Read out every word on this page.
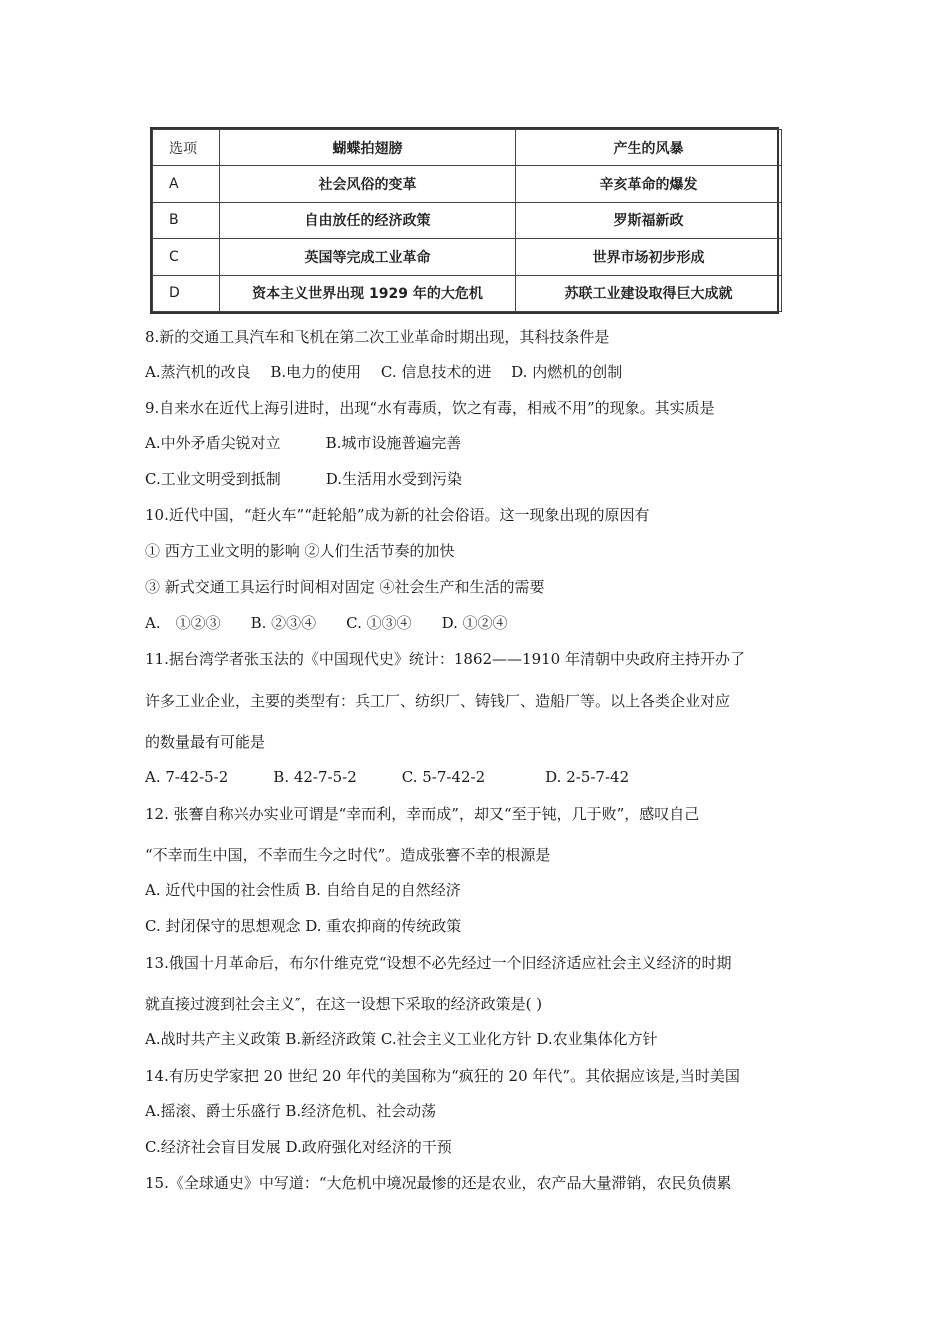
选项	蝴蝶拍翅膀	产生的风暴
A	社会风俗的变革	辛亥革命的爆发
B	自由放任的经济政策	罗斯福新政
C	英国等完成工业革命	世界市场初步形成
D	资本主义世界出现 1929 年的大危机	苏联工业建设取得巨大成就
8.新的交通工具汽车和飞机在第二次工业革命时期出现，其科技条件是
A.蒸汽机的改良　 B.电力的使用　 C. 信息技术的进　 D. 内燃机的创制
9.自来水在近代上海引进时，出现“水有毒质，饮之有毒，相戒不用”的现象。其实质是
A.中外矛盾尖锐对立　　　B.城市设施普遍完善
C.工业文明受到抵制　　　D.生活用水受到污染
10.近代中国，“赶火车”“赶轮船”成为新的社会俗语。这一现象出现的原因有
① 西方工业文明的影响 ②人们生活节奏的加快
③ 新式交通工具运行时间相对固定 ④社会生产和生活的需要
A.　①②③　　B. ②③④　　C. ①③④　　D. ①②④
11.据台湾学者张玉法的《中国现代史》统计：1862——1910 年清朝中央政府主持开办了
许多工业企业，主要的类型有：兵工厂、纺织厂、铸钱厂、造船厂等。以上各类企业对应
的数量最有可能是
A. 7-42-5-2　　　B. 42-7-5-2　　　C. 5-7-42-2　　　　D. 2-5-7-42
12. 张謇自称兴办实业可谓是“幸而利，幸而成”，却又“至于钝，几于败”，感叹自己
“不幸而生中国，不幸而生今之时代”。造成张謇不幸的根源是
A. 近代中国的社会性质 B. 自给自足的自然经济
C. 封闭保守的思想观念 D. 重农抑商的传统政策
13.俄国十月革命后，布尔什维克党“设想不必先经过一个旧经济适应社会主义经济的时期
就直接过渡到社会主义″，在这一设想下采取的经济政策是( )
A.战时共产主义政策 B.新经济政策 C.社会主义工业化方针 D.农业集体化方针
14.有历史学家把 20 世纪 20 年代的美国称为“疯狂的 20 年代”。其依据应该是,当时美国
A.摇滚、爵士乐盛行 B.经济危机、社会动荡
C.经济社会盲目发展 D.政府强化对经济的干预
15.《全球通史》中写道：“大危机中境况最惨的还是农业，农产品大量滞销，农民负债累
